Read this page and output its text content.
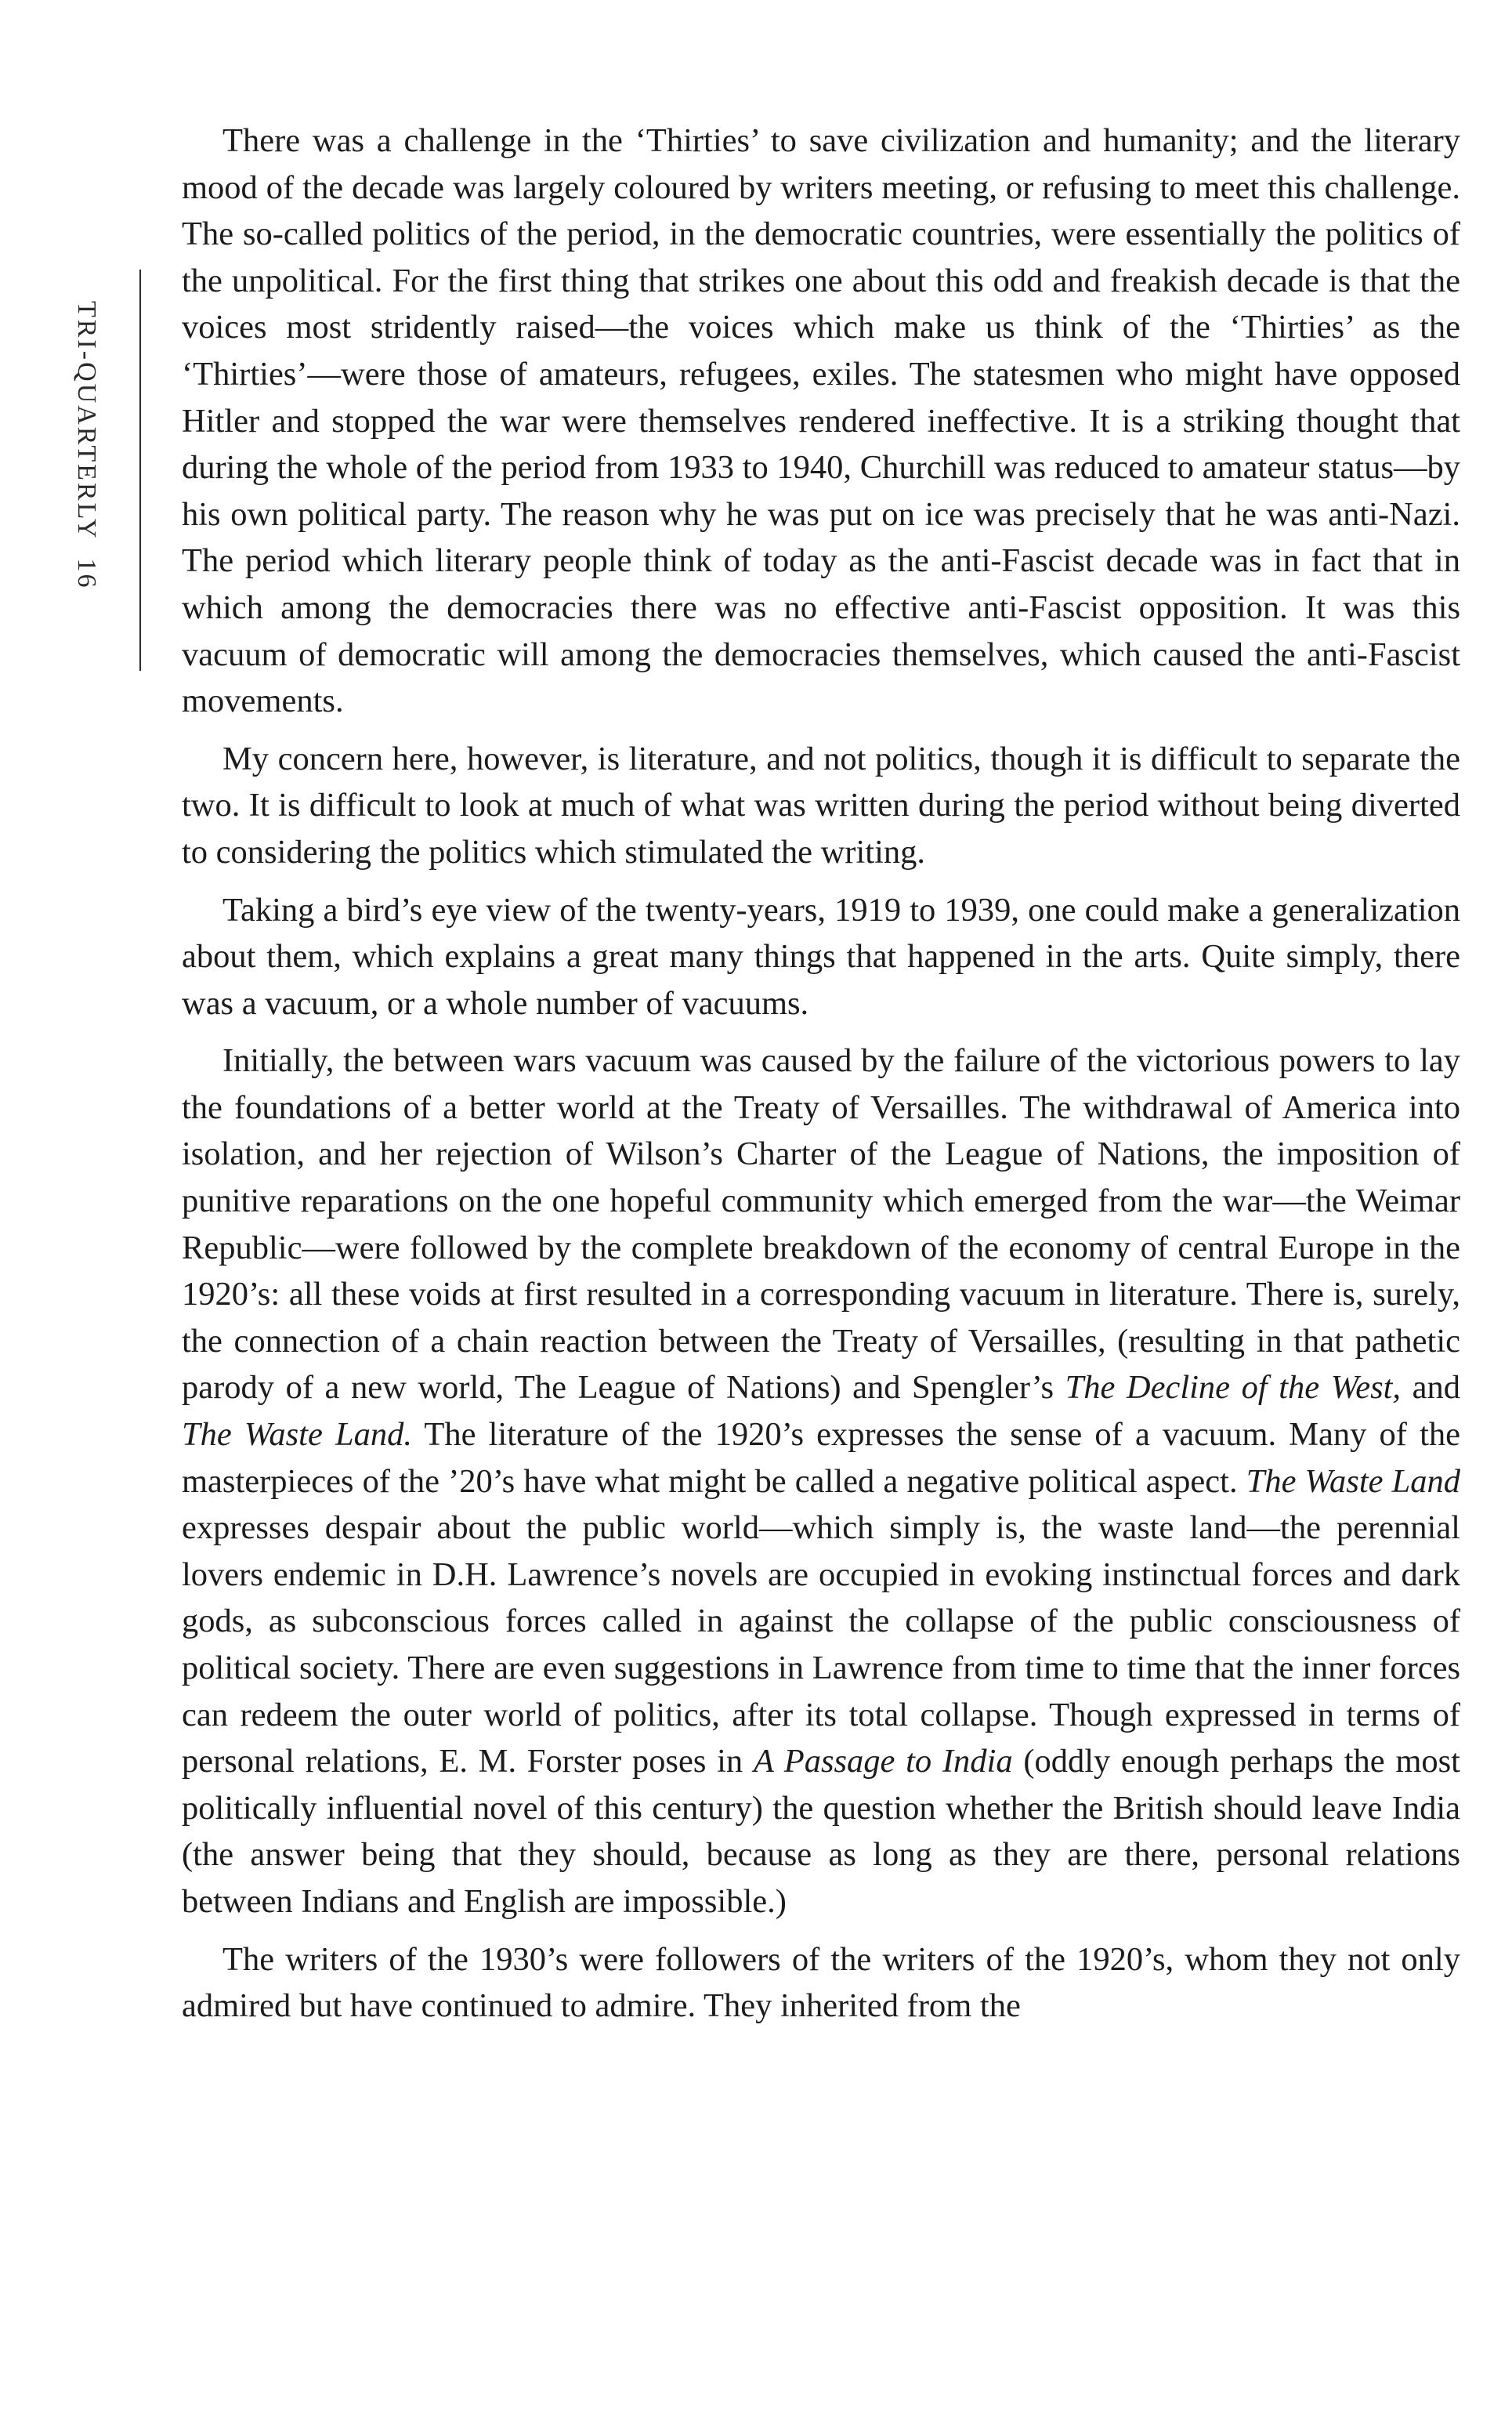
TRI-QUARTERLY  16

There was a challenge in the ‘Thirties’ to save civilization and humanity; and the literary mood of the decade was largely coloured by writers meeting, or refusing to meet this challenge. The so-called politics of the period, in the democratic countries, were essentially the politics of the unpolitical. For the first thing that strikes one about this odd and freakish decade is that the voices most stridently raised—the voices which make us think of the ‘Thirties’ as the ‘Thirties’—were those of amateurs, refugees, exiles. The statesmen who might have opposed Hitler and stopped the war were themselves rendered ineffective. It is a striking thought that during the whole of the period from 1933 to 1940, Churchill was reduced to amateur status—by his own political party. The reason why he was put on ice was precisely that he was anti-Nazi. The period which literary people think of today as the anti-Fascist decade was in fact that in which among the democracies there was no effective anti-Fascist opposition. It was this vacuum of democratic will among the democracies themselves, which caused the anti-Fascist movements.

My concern here, however, is literature, and not politics, though it is difficult to separate the two. It is difficult to look at much of what was written during the period without being diverted to considering the politics which stimulated the writing.

Taking a bird’s eye view of the twenty-years, 1919 to 1939, one could make a generalization about them, which explains a great many things that happened in the arts. Quite simply, there was a vacuum, or a whole number of vacuums.

Initially, the between wars vacuum was caused by the failure of the victorious powers to lay the foundations of a better world at the Treaty of Versailles. The withdrawal of America into isolation, and her rejection of Wilson’s Charter of the League of Nations, the imposition of punitive reparations on the one hopeful community which emerged from the war—the Weimar Republic—were followed by the complete breakdown of the economy of central Europe in the 1920’s: all these voids at first resulted in a corresponding vacuum in literature. There is, surely, the connection of a chain reaction between the Treaty of Versailles, (resulting in that pathetic parody of a new world, The League of Nations) and Spengler’s The Decline of the West, and The Waste Land. The literature of the 1920’s expresses the sense of a vacuum. Many of the masterpieces of the ’20’s have what might be called a negative political aspect. The Waste Land expresses despair about the public world—which simply is, the waste land—the perennial lovers endemic in D.H. Lawrence’s novels are occupied in evoking instinctual forces and dark gods, as subconscious forces called in against the collapse of the public consciousness of political society. There are even suggestions in Lawrence from time to time that the inner forces can redeem the outer world of politics, after its total collapse. Though expressed in terms of personal relations, E. M. Forster poses in A Passage to India (oddly enough perhaps the most politically influential novel of this century) the question whether the British should leave India (the answer being that they should, because as long as they are there, personal relations between Indians and English are impossible.)

The writers of the 1930’s were followers of the writers of the 1920’s, whom they not only admired but have continued to admire. They inherited from the
